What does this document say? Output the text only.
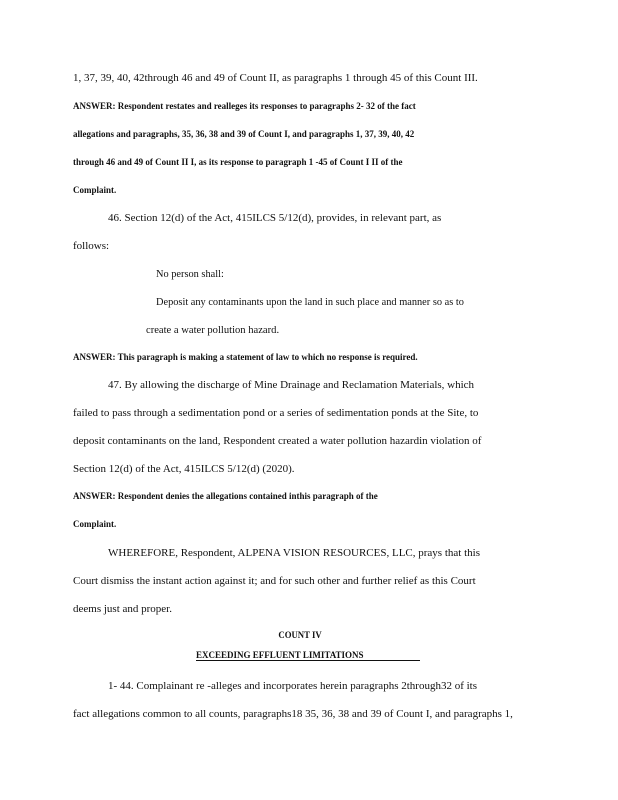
1, 37, 39, 40, 42through 46 and 49 of Count II, as paragraphs 1 through 45 of this Count III.
ANSWER: Respondent restates and realleges its responses to paragraphs 2- 32 of the fact
allegations and paragraphs, 35, 36, 38 and 39 of Count I, and paragraphs 1, 37, 39, 40, 42
through 46 and 49 of Count II I, as its response to paragraph 1 -45 of Count I II of the
Complaint.
46. Section 12(d) of the Act, 415ILCS 5/12(d), provides, in relevant part, as
follows:
No person shall:
Deposit any contaminants upon the land in such place and manner so as to
create a water pollution hazard.
ANSWER: This paragraph is making a statement of law to which no response is required.
47. By allowing the discharge of Mine Drainage and Reclamation Materials, which
failed to pass through a sedimentation pond or a series of sedimentation ponds at the Site, to
deposit contaminants on the land, Respondent created a water pollution hazardin violation of
Section 12(d) of the Act, 415ILCS 5/12(d) (2020).
ANSWER: Respondent denies the allegations contained inthis paragraph of the
Complaint.
WHEREFORE, Respondent, ALPENA VISION RESOURCES, LLC, prays that this
Court dismiss the instant action against it; and for such other and further relief as this Court
deems just and proper.
COUNT IV
EXCEEDING EFFLUENT LIMITATIONS
1- 44. Complainant re -alleges and incorporates herein paragraphs 2through32 of its
fact allegations common to all counts, paragraphs18 35, 36, 38 and 39 of Count I, and paragraphs 1,
